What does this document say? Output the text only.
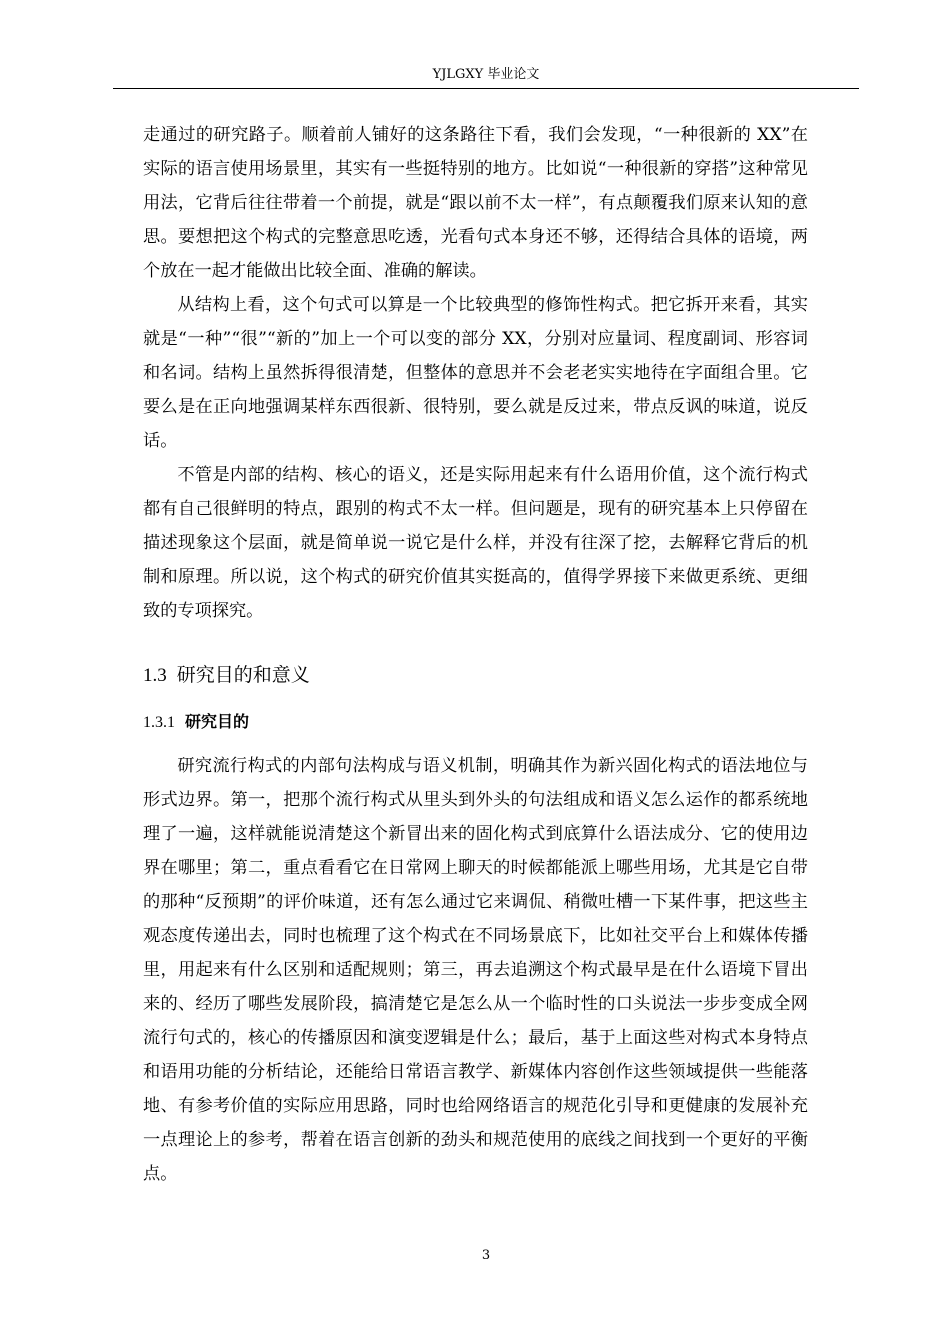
YJLGXY 毕业论文

走通过的研究路子。顺着前人铺好的这条路往下看，我们会发现，“一种很新的 XX”在实际的语言使用场景里，其实有一些挺特别的地方。比如说“一种很新的穿搭”这种常见用法，它背后往往带着一个前提，就是“跟以前不太一样”，有点颠覆我们原来认知的意思。要想把这个构式的完整意思吃透，光看句式本身还不够，还得结合具体的语境，两个放在一起才能做出比较全面、准确的解读。

从结构上看，这个句式可以算是一个比较典型的修饰性构式。把它拆开来看，其实就是“一种”“很”“新的”加上一个可以变的部分 XX，分别对应量词、程度副词、形容词和名词。结构上虽然拆得很清楚，但整体的意思并不会老老实实地待在字面组合里。它要么是在正向地强调某样东西很新、很特别，要么就是反过来，带点反讽的味道，说反话。

不管是内部的结构、核心的语义，还是实际用起来有什么语用价值，这个流行构式都有自己很鲜明的特点，跟别的构式不太一样。但问题是，现有的研究基本上只停留在描述现象这个层面，就是简单说一说它是什么样，并没有往深了挖，去解释它背后的机制和原理。所以说，这个构式的研究价值其实挺高的，值得学界接下来做更系统、更细致的专项探究。

1.3 研究目的和意义
1.3.1 研究目的

研究流行构式的内部句法构成与语义机制，明确其作为新兴固化构式的语法地位与形式边界。第一，把那个流行构式从里头到外头的句法组成和语义怎么运作的都系统地理了一遍，这样就能说清楚这个新冒出来的固化构式到底算什么语法成分、它的使用边界在哪里；第二，重点看看它在日常网上聊天的时候都能派上哪些用场，尤其是它自带的那种“反预期”的评价味道，还有怎么通过它来调侃、稍微吐槽一下某件事，把这些主观态度传递出去，同时也梳理了这个构式在不同场景底下，比如社交平台上和媒体传播里，用起来有什么区别和适配规则；第三，再去追溯这个构式最早是在什么语境下冒出来的、经历了哪些发展阶段，搞清楚它是怎么从一个临时性的口头说法一步步变成全网流行句式的，核心的传播原因和演变逻辑是什么；最后，基于上面这些对构式本身特点和语用功能的分析结论，还能给日常语言教学、新媒体内容创作这些领域提供一些能落地、有参考价值的实际应用思路，同时也给网络语言的规范化引导和更健康的发展补充一点理论上的参考，帮着在语言创新的劲头和规范使用的底线之间找到一个更好的平衡点。

3
